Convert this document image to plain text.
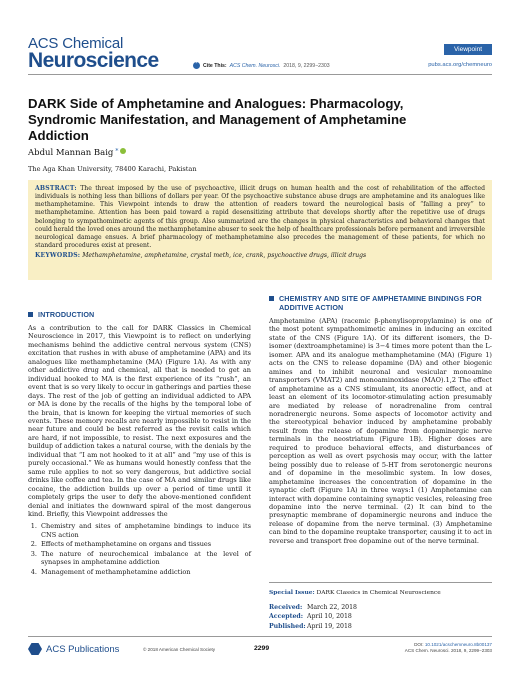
ACS Chemical
Neuroscience	Viewpoint
“	Cite This: ACS Chem. Neurosci. 2018, 9, 2299−2303	pubs.acs.org/chemneuro
DARK Side of Amphetamine and Analogues: Pharmacology, Syndromic Manifestation, and Management of Amphetamine Addiction
Abdul Mannan Baig *
The Aga Khan University, 78400 Karachi, Pakistan

ABSTRACT: The threat imposed by the use of psychoactive, illicit drugs on human health and the cost of rehabilitation of the affected individuals is nothing less than billions of dollars per year. Of the psychoactive substance abuse drugs are amphetamine and its analogues like methamphetamine. This Viewpoint intends to draw the attention of readers toward the neurological basis of “falling a prey” to methamphetamine. Attention has been paid toward a rapid desensitizing attribute that develops shortly after the repetitive use of drugs belonging to sympathomimetic agents of this group. Also summarized are the changes in physical characteristics and behavioral changes that could herald the loved ones around the methamphetamine abuser to seek the help of healthcare professionals before permanent and irreversible neurological damage ensues. A brief pharmacology of methamphetamine also precedes the management of these patients, for which no standard procedures exist at present.

KEYWORDS: Methamphetamine, amphetamine, crystal meth, ice, crank, psychoactive drugs, illicit drugs

INTRODUCTION

As a contribution to the call for DARK Classics in Chemical Neuroscience in 2017, this Viewpoint is to reflect on underlying mechanisms behind the addictive central nervous system (CNS) excitation that rushes in with abuse of amphetamine (APA) and its analogues like methamphetamine (MA) (Figure 1A). As with any other addictive drug and chemical, all that is needed to get an individual hooked to MA is the first experience of its “rush”, an event that is so very likely to occur in gatherings and parties these days. The rest of the job of getting an individual addicted to APA or MA is done by the recalls of the highs by the temporal lobe of the brain, that is known for keeping the virtual memories of such events. These memory recalls are nearly impossible to resist in the near future and could be best referred as the revisit calls which are hard, if not impossible, to resist. The next exposures and the buildup of addiction takes a natural course, with the denials by the individual that “I am not hooked to it at all” and “my use of this is purely occasional.” We as humans would honestly confess that the same rule applies to not so very dangerous, but addictive social drinks like coffee and tea. In the case of MA and similar drugs like cocaine, the addiction builds up over a period of time until it completely grips the user to defy the above-mentioned confident denial and initiates the downward spiral of the most dangerous kind. Briefly, this Viewpoint addresses the

1. Chemistry and sites of amphetamine bindings to induce its CNS action
2. Effects of methamphetamine on organs and tissues
3. The nature of neurochemical imbalance at the level of synapses in amphetamine addiction
4. Management of methamphetamine addiction
CHEMISTRY AND SITE OF AMPHETAMINE BINDINGS FOR ADDITIVE ACTION

Amphetamine (APA) (racemic β-phenylisopropylamine) is one of the most potent sympathomimetic amines in inducing an excited state of the CNS (Figure 1A). Of its different isomers, the D-isomer (dextroamphetamine) is 3−4 times more potent than the L-isomer. APA and its analogue methamphetamine (MA) (Figure 1) acts on the CNS to release dopamine (DA) and other biogenic amines and to inhibit neuronal and vesicular monoamine transporters (VMAT2) and monoaminoxidase (MAO).1,2 The effect of amphetamine as a CNS stimulant, its anorectic effect, and at least an element of its locomotor-stimulating action presumably are mediated by release of noradrenaline from central noradrenergic neurons. Some aspects of locomotor activity and the stereotypical behavior induced by amphetamine probably result from the release of dopamine from dopaminergic nerve terminals in the neostriatum (Figure 1B). Higher doses are required to produce behavioral effects, and disturbances of perception as well as overt psychosis may occur, with the latter being possibly due to release of 5-HT from serotonergic neurons and of dopamine in the mesolimbic system. In low doses, amphetamine increases the concentration of dopamine in the synaptic cleft (Figure 1A) in three ways:1 (1) Amphetamine can interact with dopamine containing synaptic vesicles, releasing free dopamine into the nerve terminal. (2) It can bind to the presynaptic membrane of dopaminergic neurons and induce the release of dopamine from the nerve terminal. (3) Amphetamine can bind to the dopamine reuptake transporter, causing it to act in reverse and transport free dopamine out of the nerve terminal.

Special Issue: DARK Classics in Chemical Neuroscience
Received: March 22, 2018
Accepted: April 10, 2018
Published:April 19, 2018
ACS Publications	© 2018 American Chemical Society	2299
DOI: 10.1021/acschemneuro.8b00137
ACS Chem. Neurosci. 2018, 9, 2299−2303
